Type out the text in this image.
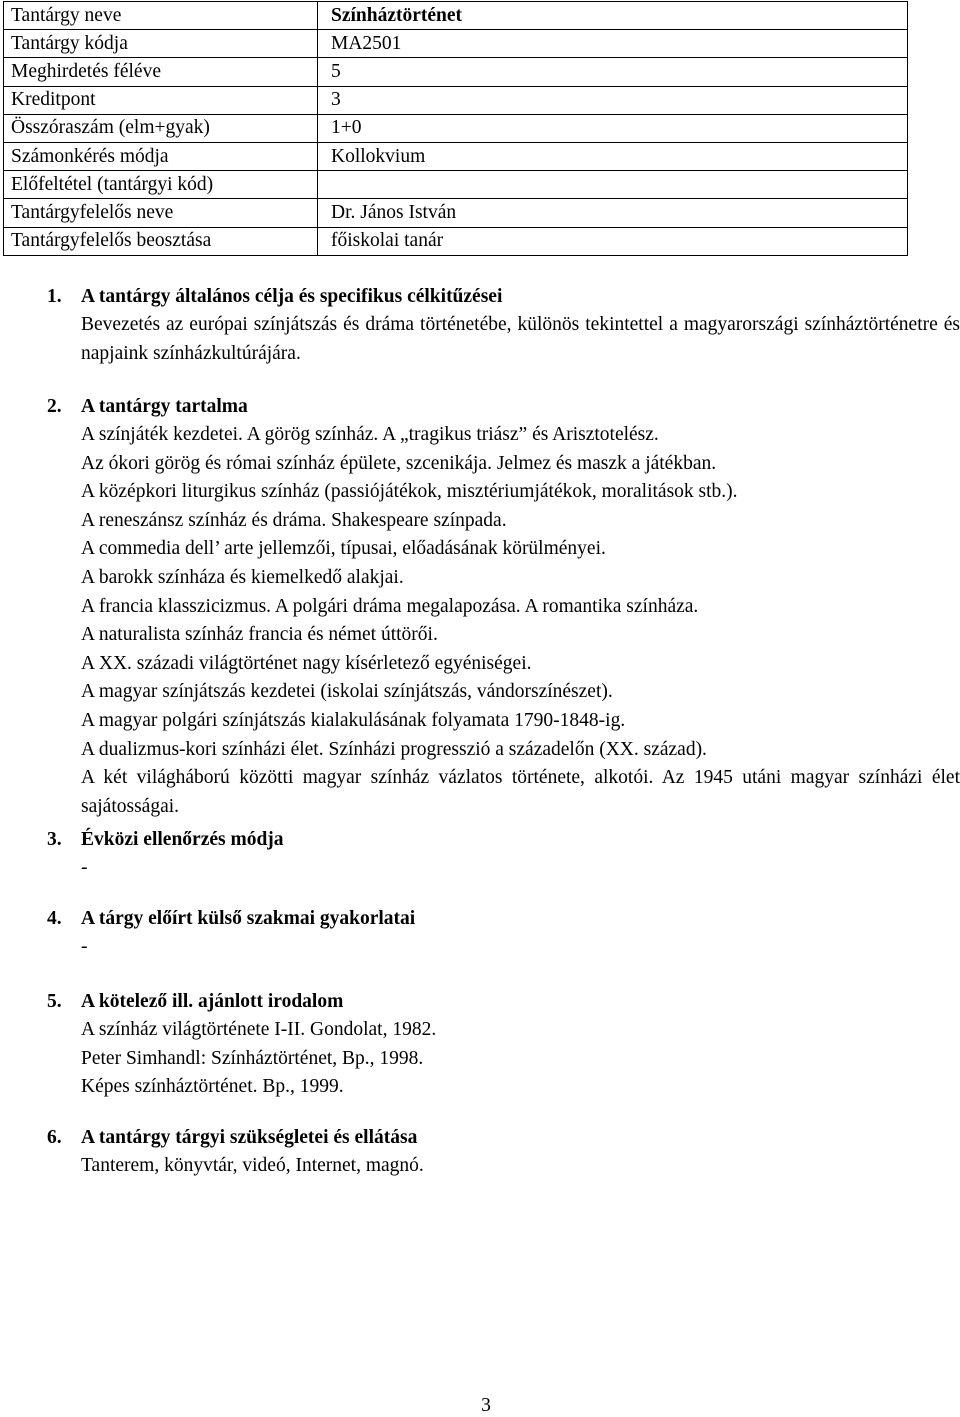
Tantárgy neve	Színháztörténet
Tantárgy kódja	MA2501
Meghirdetés féléve	5
Kreditpont	3
Összóraszám (elm+gyak)	1+0
Számonkérés módja	Kollokvium
Előfeltétel (tantárgyi kód)	
Tantárgyfelelős neve	Dr. János István
Tantárgyfelelős beosztása	főiskolai tanár
1. A tantárgy általános célja és specifikus célkitűzései
Bevezetés az európai színjátszás és dráma történetébe, különös tekintettel a magyarországi színháztörténetre és napjaink színházkultúrájára.
2. A tantárgy tartalma
A színjáték kezdetei. A görög színház. A „tragikus triász” és Arisztotelész.
Az ókori görög és római színház épülete, szcenikája. Jelmez és maszk a játékban.
A középkori liturgikus színház (passiójátékok, misztériumjátékok, moralitások stb.).
A reneszánsz színház és dráma. Shakespeare színpada.
A commedia dell’ arte jellemzői, típusai, előadásának körülményei.
A barokk színháza és kiemelkedő alakjai.
A francia klasszicizmus. A polgári dráma megalapozása. A romantika színháza.
A naturalista színház francia és német úttörői.
A XX. századi világtörténet nagy kísérletező egyéniségei.
A magyar színjátszás kezdetei (iskolai színjátszás, vándorszínészet).
A magyar polgári színjátszás kialakulásának folyamata 1790-1848-ig.
A dualizmus-kori színházi élet. Színházi progresszió a századelőn (XX. század).
A két világháború közötti magyar színház vázlatos története, alkotói. Az 1945 utáni magyar színházi élet sajátosságai.
3. Évközi ellenőrzés módja
-
4. A tárgy előírt külső szakmai gyakorlatai
-
5. A kötelező ill. ajánlott irodalom
A színház világtörténete I-II. Gondolat, 1982.
Peter Simhandl: Színháztörténet, Bp., 1998.
Képes színháztörténet. Bp., 1999.
6. A tantárgy tárgyi szükségletei és ellátása
Tanterem, könyvtár, videó, Internet, magnó.
3
